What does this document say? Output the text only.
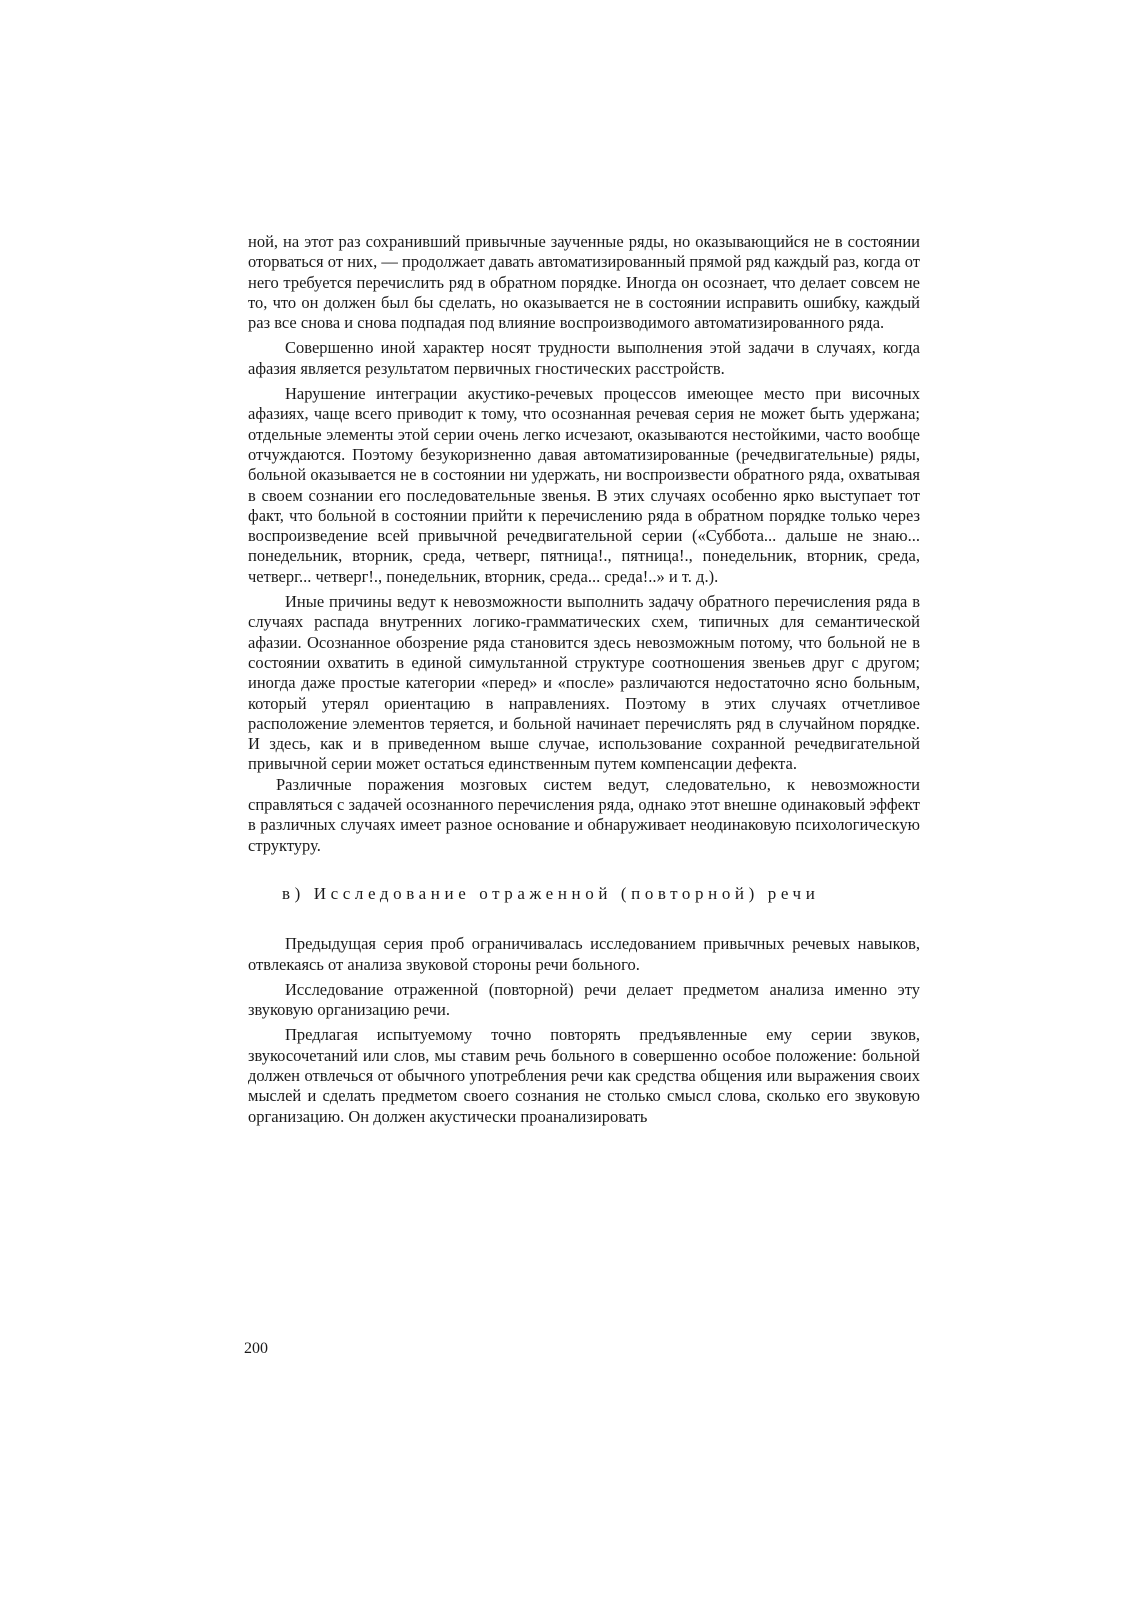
ной, на этот раз сохранивший привычные заученные ряды, но оказывающийся не в состоянии оторваться от них, — продолжает давать автоматизированный прямой ряд каждый раз, когда от него требуется перечислить ряд в обратном порядке. Иногда он осознает, что делает совсем не то, что он должен был бы сделать, но оказывается не в состоянии исправить ошибку, каждый раз все снова и снова подпадая под влияние воспроизводимого автоматизированного ряда.

Совершенно иной характер носят трудности выполнения этой задачи в случаях, когда афазия является результатом первичных гностических расстройств.

Нарушение интеграции акустико-речевых процессов имеющее место при височных афазиях, чаще всего приводит к тому, что осознанная речевая серия не может быть удержана; отдельные элементы этой серии очень легко исчезают, оказываются нестойкими, часто вообще отчуждаются. Поэтому безукоризненно давая автоматизированные (речедвигательные) ряды, больной оказывается не в состоянии ни удержать, ни воспроизвести обратного ряда, охватывая в своем сознании его последовательные звенья. В этих случаях особенно ярко выступает тот факт, что больной в состоянии прийти к перечислению ряда в обратном порядке только через воспроизведение всей привычной речедвигательной серии («Суббота... дальше не знаю... понедельник, вторник, среда, четверг, пятница!., пятница!., понедельник, вторник, среда, четверг... четверг!., понедельник, вторник, среда... среда!..» и т. д.).

Иные причины ведут к невозможности выполнить задачу обратного перечисления ряда в случаях распада внутренних логико-грамматических схем, типичных для семантической афазии. Осознанное обозрение ряда становится здесь невозможным потому, что больной не в состоянии охватить в единой симультанной структуре соотношения звеньев друг с другом; иногда даже простые категории «перед» и «после» различаются недостаточно ясно больным, который утерял ориентацию в направлениях. Поэтому в этих случаях отчетливое расположение элементов теряется, и больной начинает перечислять ряд в случайном порядке. И здесь, как и в приведенном выше случае, использование сохранной речедвигательной привычной серии может остаться единственным путем компенсации дефекта.

Различные поражения мозговых систем ведут, следовательно, к невозможности справляться с задачей осознанного перечисления ряда, однако этот внешне одинаковый эффект в различных случаях имеет разное основание и обнаруживает неодинаковую психологическую структуру.

в) Исследование отраженной (повторной) речи

Предыдущая серия проб ограничивалась исследованием привычных речевых навыков, отвлекаясь от анализа звуковой стороны речи больного.

Исследование отраженной (повторной) речи делает предметом анализа именно эту звуковую организацию речи.

Предлагая испытуемому точно повторять предъявленные ему серии звуков, звукосочетаний или слов, мы ставим речь больного в совершенно особое положение: больной должен отвлечься от обычного употребления речи как средства общения или выражения своих мыслей и сделать предметом своего сознания не столько смысл слова, сколько его звуковую организацию. Он должен акустически проанализировать

200
